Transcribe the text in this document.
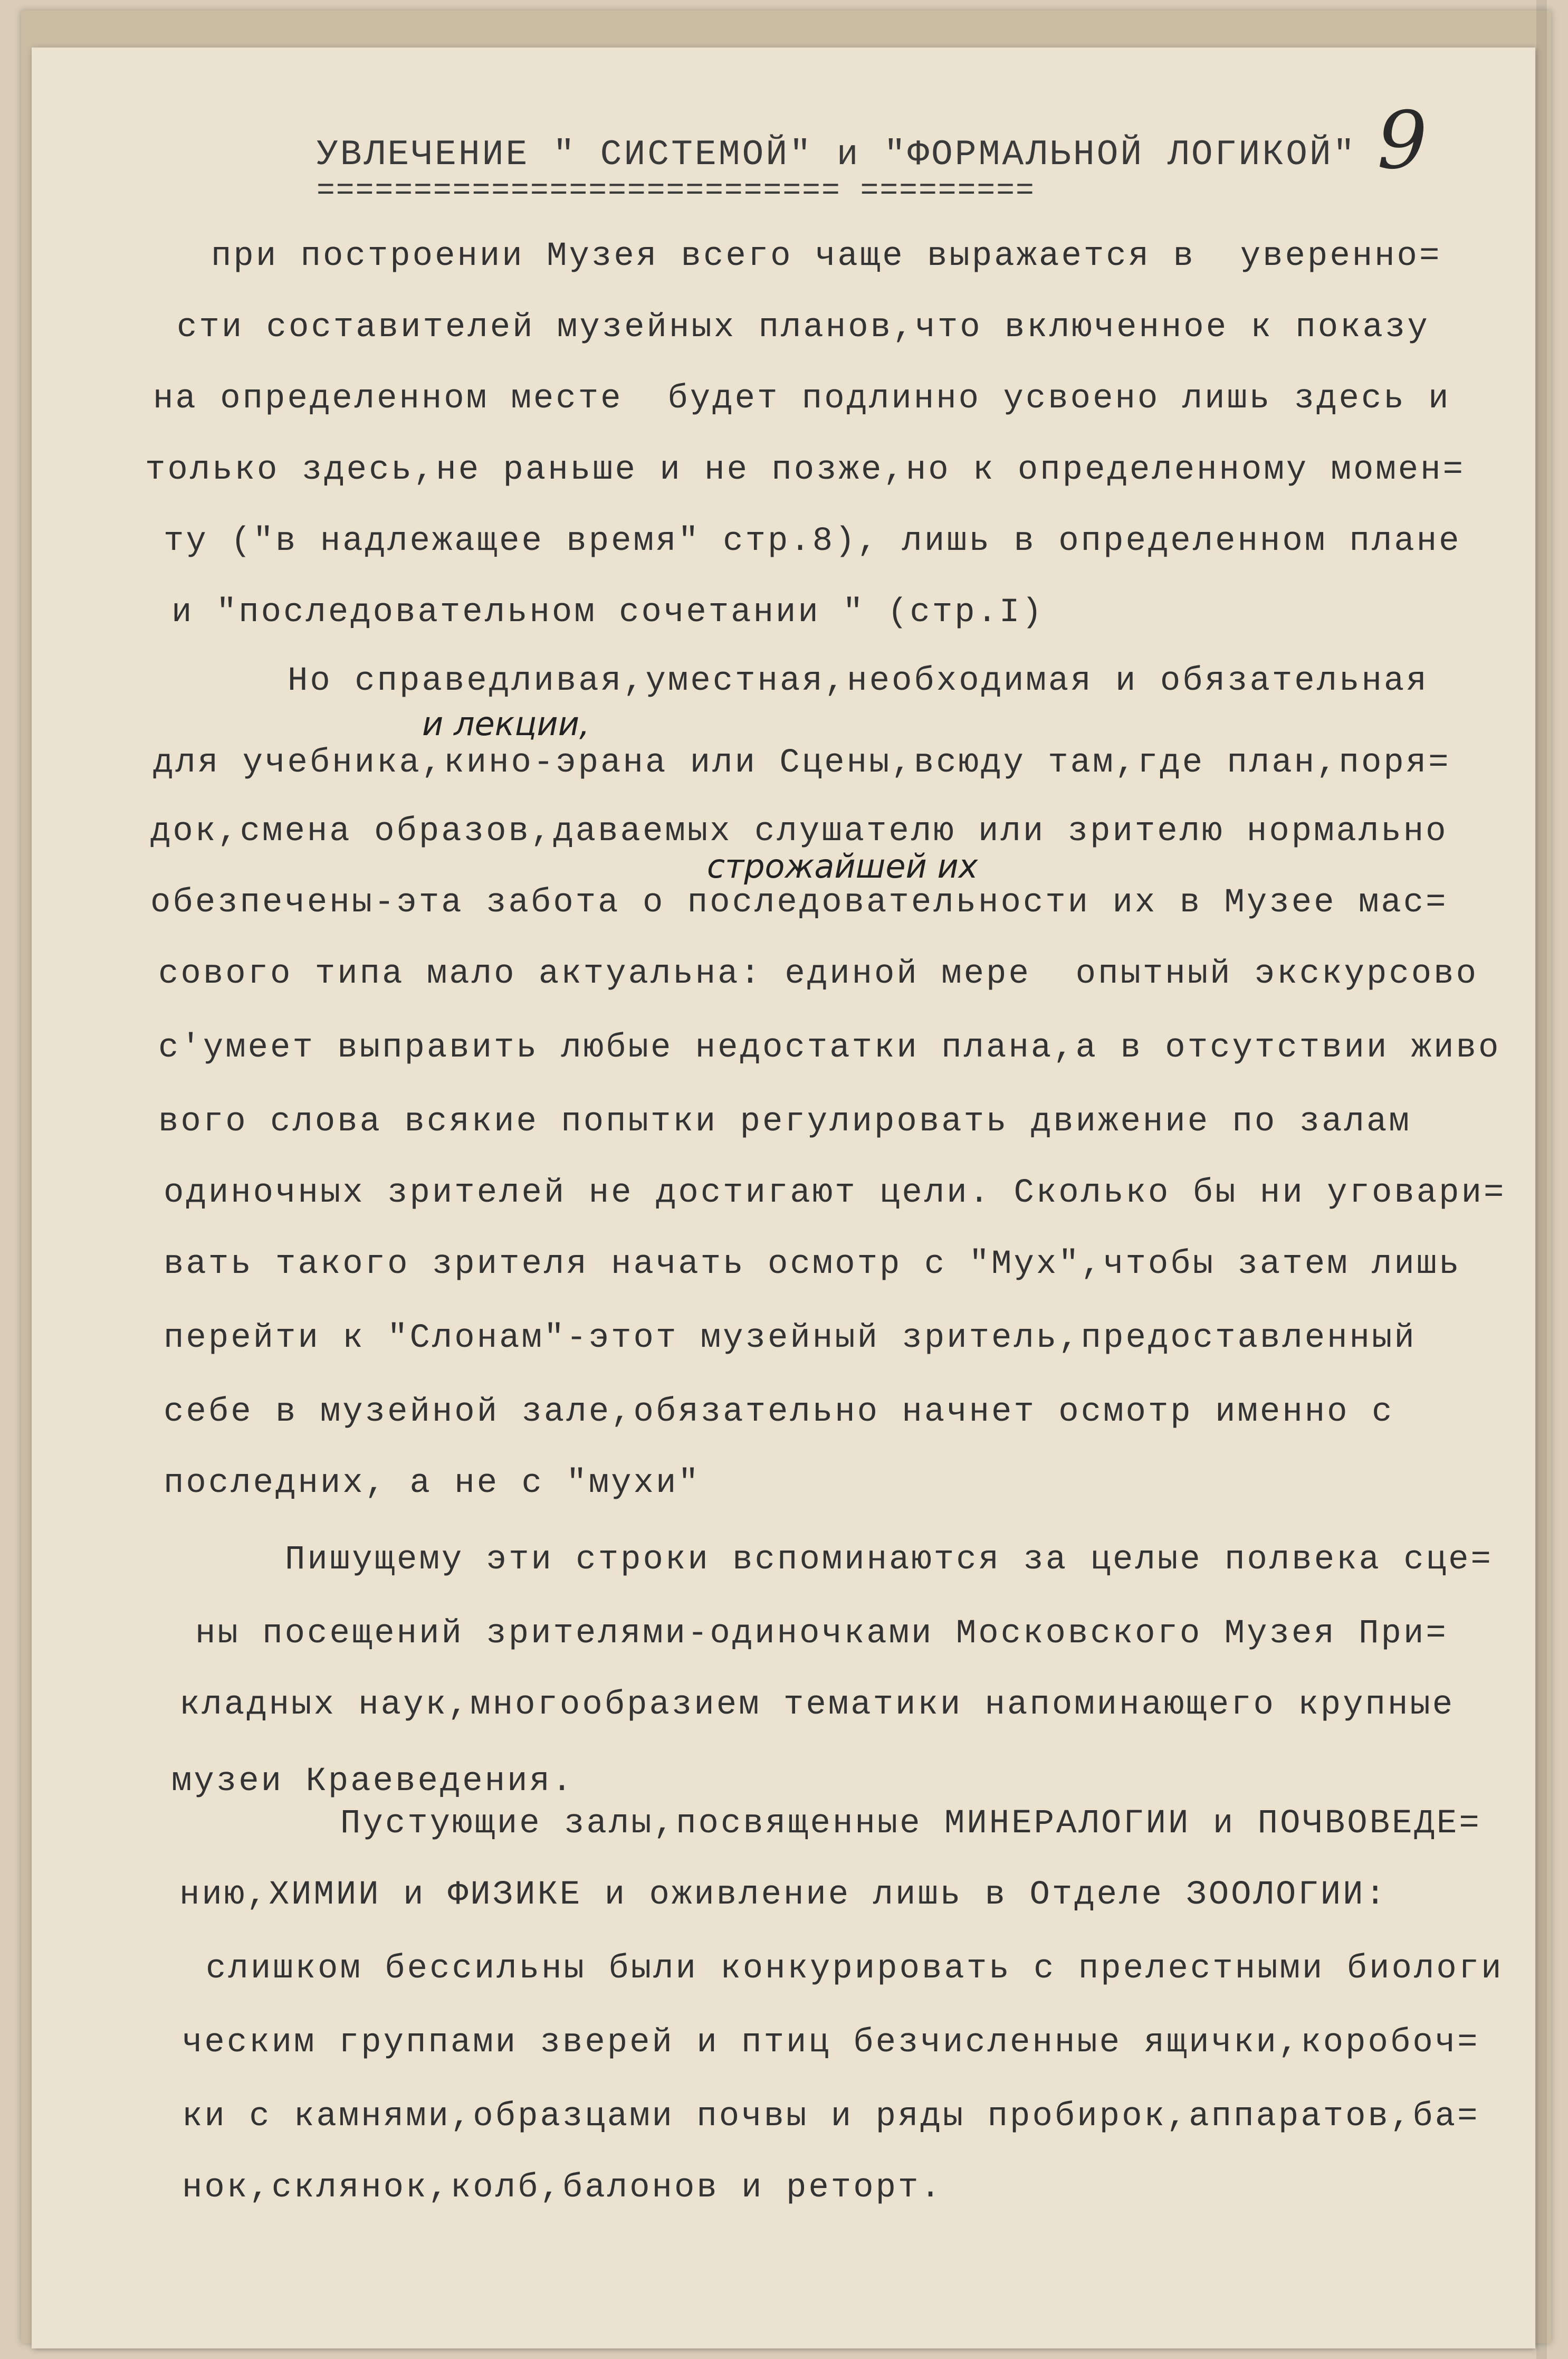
9
УВЛЕЧЕНИЕ " СИСТЕМОЙ" и "ФОРМАЛЬНОЙ ЛОГИКОЙ"
=========================== =========
и лекции,
строжайшей их
при построении Музея всего чаще выражается в  уверенно=
сти составителей музейных планов,что включенное к показу
на определенном месте  будет подлинно усвоено лишь здесь и
только здесь,не раньше и не позже,но к определенному момен=
ту ("в надлежащее время" стр.8), лишь в определенном плане
и "последовательном сочетании " (стр.I)
Но справедливая,уместная,необходимая и обязательная
для учебника,кино-эрана или Сцены,всюду там,где план,поря=
док,смена образов,даваемых слушателю или зрителю нормально
обезпечены-эта забота о последовательности их в Музее мас=
сового типа мало актуальна: единой мере  опытный экскурсово
с'умеет выправить любые недостатки плана,а в отсутствии живо
вого слова всякие попытки регулировать движение по залам
одиночных зрителей не достигают цели. Сколько бы ни уговари=
вать такого зрителя начать осмотр с "Мух",чтобы затем лишь
перейти к "Слонам"-этот музейный зритель,предоставленный
себе в музейной зале,обязательно начнет осмотр именно с
последних, а не с "мухи"
Пишущему эти строки вспоминаются за целые полвека сце=
ны посещений зрителями-одиночками Московского Музея При=
кладных наук,многообразием тематики напоминающего крупные
музеи Краеведения.
Пустующие залы,посвященные МИНЕРАЛОГИИ и ПОЧВОВЕДЕ=
нию,ХИМИИ и ФИЗИКЕ и оживление лишь в Отделе ЗООЛОГИИ:
слишком бессильны были конкурировать с прелестными биологи
ческим группами зверей и птиц безчисленные ящички,коробоч=
ки с камнями,образцами почвы и ряды пробирок,аппаратов,ба=
нок,склянок,колб,балонов и реторт.
